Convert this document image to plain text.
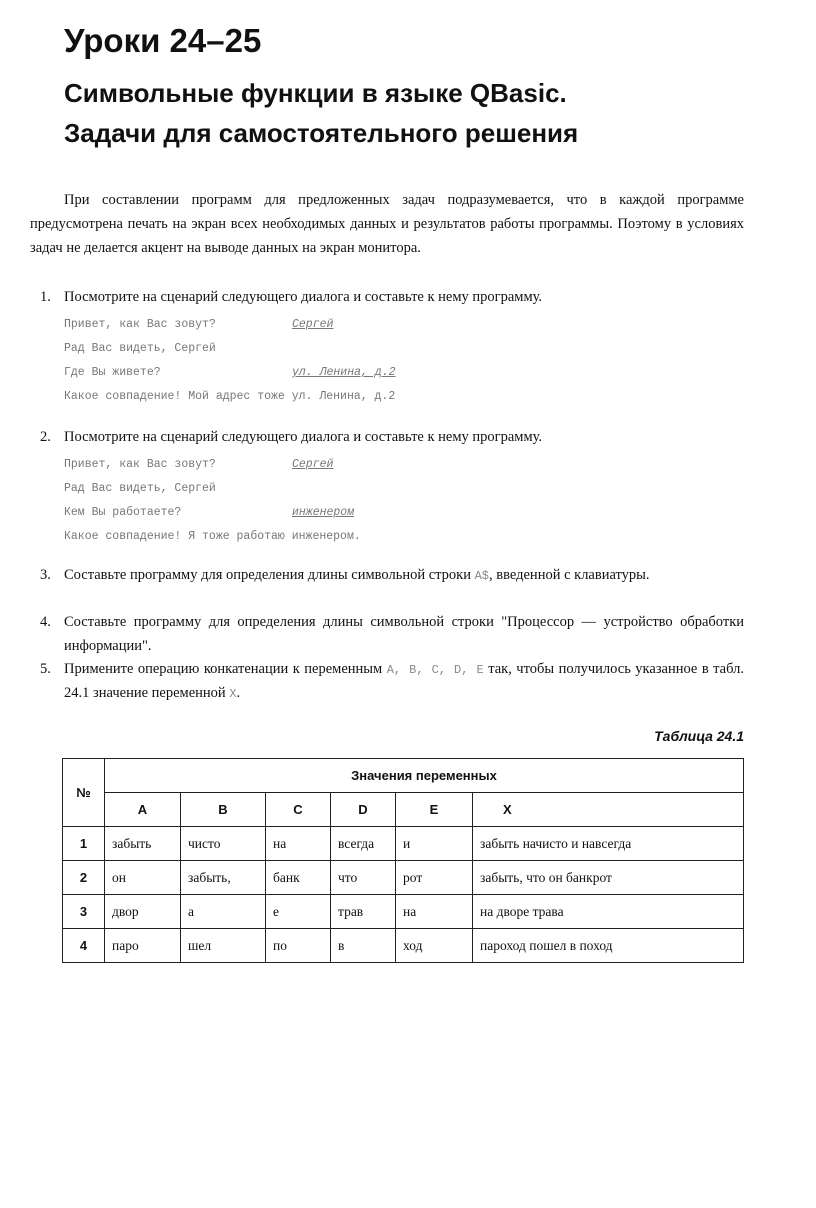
Уроки 24–25
Символьные функции в языке QBasic.
Задачи для самостоятельного решения

При составлении программ для предложенных задач подразумевается, что в каждой программе предусмотрена печать на экран всех необходимых данных и результатов работы программы. Поэтому в условиях задач не делается акцент на выводе данных на экран монитора.

1. Посмотрите на сценарий следующего диалога и составьте к нему программу.
Привет, как Вас зовут?	Сергей
Рад Вас видеть, Сергей
Где Вы живете?	ул. Ленина, д.2
Какое совпадение! Мой адрес тоже ул. Ленина, д.2
2. Посмотрите на сценарий следующего диалога и составьте к нему программу.
Привет, как Вас зовут?	Сергей
Рад Вас видеть, Сергей
Кем Вы работаете?	инженером
Какое совпадение! Я тоже работаю инженером.
3. Составьте программу для определения длины символьной строки A$, введенной с клавиатуры.
4. Составьте программу для определения длины символьной строки "Процессор — устройство обработки информации".
5. Примените операцию конкатенации к переменным A, B, C, D, E так, чтобы получилось указанное в табл. 24.1 значение переменной X.
Таблица 24.1
№	Значения переменных					
	A	B	C	D	E	X
1	забыть	чисто	на	всегда	и	забыть начисто и навсегда
2	он	забыть,	банк	что	рот	забыть, что он банкрот
3	двор	а	е	трав	на	на дворе трава
4	паро	шел	по	в	ход	пароход пошел в поход
